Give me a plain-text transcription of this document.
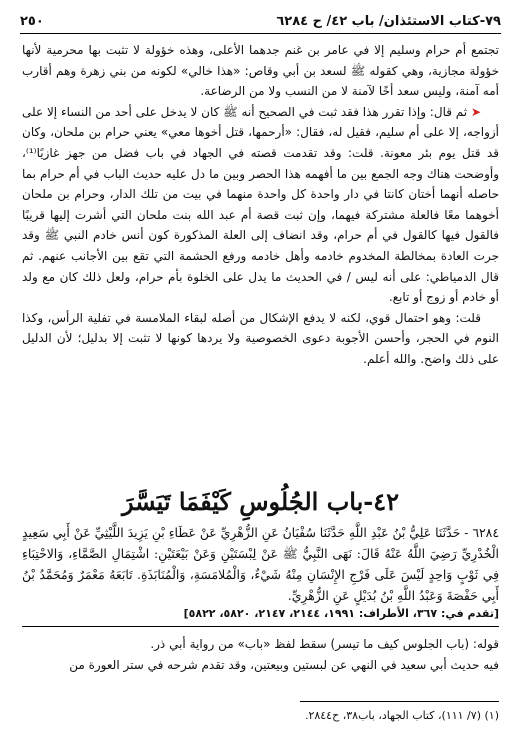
٧٩-كتاب الاستئذان/ باب ٤٢/ ح ٦٢٨٤
٢٥٠

تجتمع أم حرام وسليم إلا في عامر بن غنم جدهما الأعلى، وهذه خؤولة لا تثبت بها محرمية لأنها خؤولة مجازية، وهي كقوله ﷺ لسعد بن أبي وقاص: «هذا خالي» لكونه من بني زهرة وهم أقارب أمه آمنة، وليس سعد أخًا لآمنة لا من النسب ولا من الرضاعة.

➤ ثم قال: وإذا تقرر هذا فقد ثبت في الصحيح أنه ﷺ كان لا يدخل على أحد من النساء إلا على أزواجه، إلا على أم سليم، فقيل له، فقال: «أرحمها، قتل أخوها معي» يعني حرام بن ملحان، وكان قد قتل يوم بئر معونة. قلت: وقد تقدمت قصته في الجهاد في باب فضل من جهز غازيًا⁽¹⁾، وأوضحت هناك وجه الجمع بين ما أفهمه هذا الحصر وبين ما دل عليه حديث الباب في أم حرام بما حاصله أنهما أختان كانتا في دار واحدة كل واحدة منهما في بيت من تلك الدار، وحرام بن ملحان أخوهما معًا فالعلة مشتركة فيهما، وإن ثبت قصة أم عبد الله بنت ملحان التي أشرت إليها قريبًا فالقول فيها كالقول في أم حرام، وقد انضاف إلى العلة المذكورة كون أنس خادم النبي ﷺ وقد جرت العادة بمخالطة المخدوم خادمه وأهل خادمه ورفع الحشمة التي تقع بين الأجانب عنهم. ثم قال الدمياطي: على أنه ليس / في الحديث ما يدل على الخلوة بأم حرام، ولعل ذلك كان مع ولد أو خادم أو زوج أو تابع.

قلت: وهو احتمال قوي، لكنه لا يدفع الإشكال من أصله لبقاء الملامسة في تفلية الرأس، وكذا النوم في الحجر، وأحسن الأجوبة دعوى الخصوصية ولا يردها كونها لا تثبت إلا بدليل؛ لأن الدليل على ذلك واضح. والله أعلم.

٤٢-باب الجُلُوسِ كَيْفَمَا تَيَسَّرَ

٦٢٨٤ - حَدَّثَنَا عَلِيُّ بْنُ عَبْدِ اللَّهِ حَدَّثَنَا سُفْيَانُ عَنِ الزُّهْرِيِّ عَنْ عَطَاءِ بْنِ يَزِيدَ اللَّيْثِيِّ عَنْ أَبِي سَعِيدٍ الْخُدْرِيِّ رَضِيَ اللَّهُ عَنْهُ قَالَ: نَهَى النَّبِيُّ ﷺ عَنْ لِبْسَتَيْنِ وَعَنْ بَيْعَتَيْنِ: اشْتِمَالِ الصَّمَّاءِ، وَالاحْتِبَاءِ فِي ثَوْبٍ وَاحِدٍ لَيْسَ عَلَى فَرْجِ الإِنْسَانِ مِنْهُ شَيْءٌ، وَالْمُلامَسَةِ، وَالْمُنَابَذَةِ. تَابَعَهُ مَعْمَرٌ وَمُحَمَّدُ بْنُ أَبِي حَفْصَةَ وَعَبْدُ اللَّهِ بْنُ بُدَيْلٍ عَنِ الزُّهْرِيِّ.

[تقدم في: ٣٦٧، الأطراف: ١٩٩١، ٢١٤٤، ٢١٤٧، ٥٨٢٠، ٥٨٢٢]

قوله: (باب الجلوس كيف ما تيسر) سقط لفظ «باب» من رواية أبي ذر.

فيه حديث أبي سعيد في النهي عن لبستين وبيعتين، وقد تقدم شرحه في ستر العورة من

(١) (٧/ ١١١)، كتاب الجهاد، باب٣٨، ح٢٨٤٤.
